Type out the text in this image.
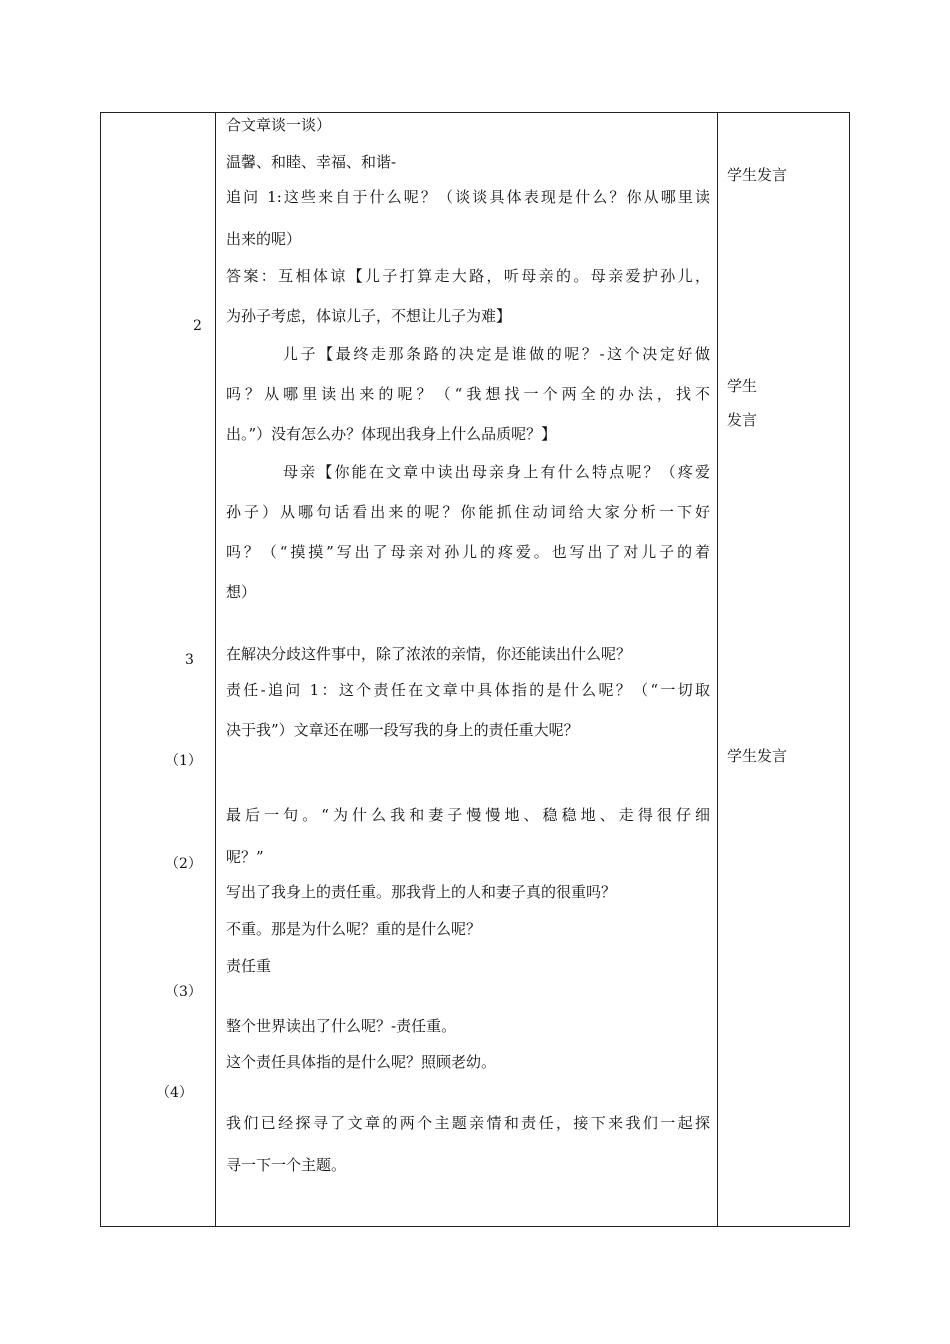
2
3
（1）
（2）
（3）
（4）
合文章谈一谈）
温馨、和睦、幸福、和谐-
追问 1:这些来自于什么呢？（谈谈具体表现是什么？你从哪里读
出来的呢）
答案：互相体谅【儿子打算走大路，听母亲的。母亲爱护孙儿，
为孙子考虑，体谅儿子，不想让儿子为难】
儿子【最终走那条路的决定是谁做的呢？-这个决定好做
吗？从哪里读出来的呢？（“我想找一个两全的办法，找不
出。”）没有怎么办？体现出我身上什么品质呢？】
母亲【你能在文章中读出母亲身上有什么特点呢？（疼爱
孙子）从哪句话看出来的呢？你能抓住动词给大家分析一下好
吗？（“摸摸”写出了母亲对孙儿的疼爱。也写出了对儿子的着
想）
在解决分歧这件事中，除了浓浓的亲情，你还能读出什么呢？
责任-追问 1：这个责任在文章中具体指的是什么呢？（“一切取
决于我”）文章还在哪一段写我的身上的责任重大呢？
最后一句。“为什么我和妻子慢慢地、稳稳地、走得很仔细
呢？”
写出了我身上的责任重。那我背上的人和妻子真的很重吗？
不重。那是为什么呢？重的是什么呢？
责任重
整个世界读出了什么呢？-责任重。
这个责任具体指的是什么呢？照顾老幼。
我们已经探寻了文章的两个主题亲情和责任，接下来我们一起探
寻一下一个主题。
学生发言
学生
发言
学生发言
